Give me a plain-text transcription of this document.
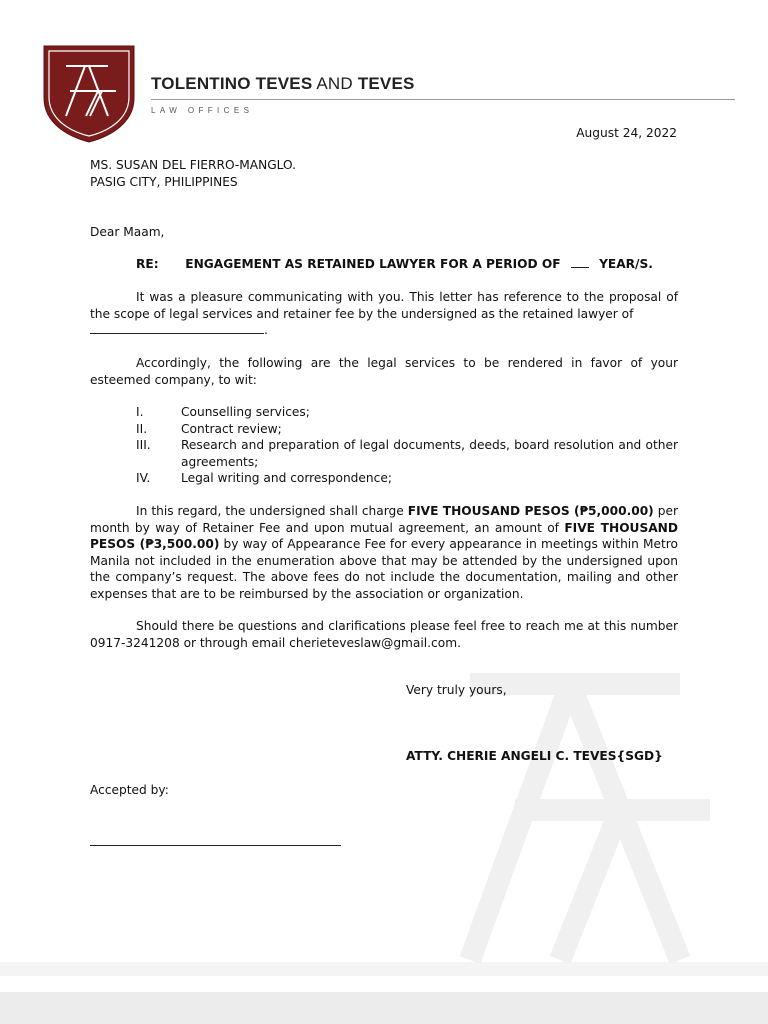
TOLENTINO TEVES AND TEVES
LAW OFFICES
August 24, 2022
MS. SUSAN DEL FIERRO-MANGLO.
PASIG CITY, PHILIPPINES
Dear Maam,
RE: ENGAGEMENT AS RETAINED LAWYER FOR A PERIOD OF	YEAR/S.
It was a pleasure communicating with you. This letter has reference to the proposal of the scope of legal services and retainer fee by the undersigned as the retained lawyer of
.
Accordingly, the following are the legal services to be rendered in favor of your esteemed company, to wit:
I.	Counselling services;
II.	Contract review;
III.	Research and preparation of legal documents, deeds, board resolution and other agreements;
IV.	Legal writing and correspondence;
In this regard, the undersigned shall charge FIVE THOUSAND PESOS (₱5,000.00) per month by way of Retainer Fee and upon mutual agreement, an amount of FIVE THOUSAND PESOS (₱3,500.00) by way of Appearance Fee for every appearance in meetings within Metro Manila not included in the enumeration above that may be attended by the undersigned upon the company’s request. The above fees do not include the documentation, mailing and other expenses that are to be reimbursed by the association or organization.
Should there be questions and clarifications please feel free to reach me at this number 0917-3241208 or through email cherieteveslaw@gmail.com.
Very truly yours,
ATTY. CHERIE ANGELI C. TEVES{SGD}
Accepted by:
